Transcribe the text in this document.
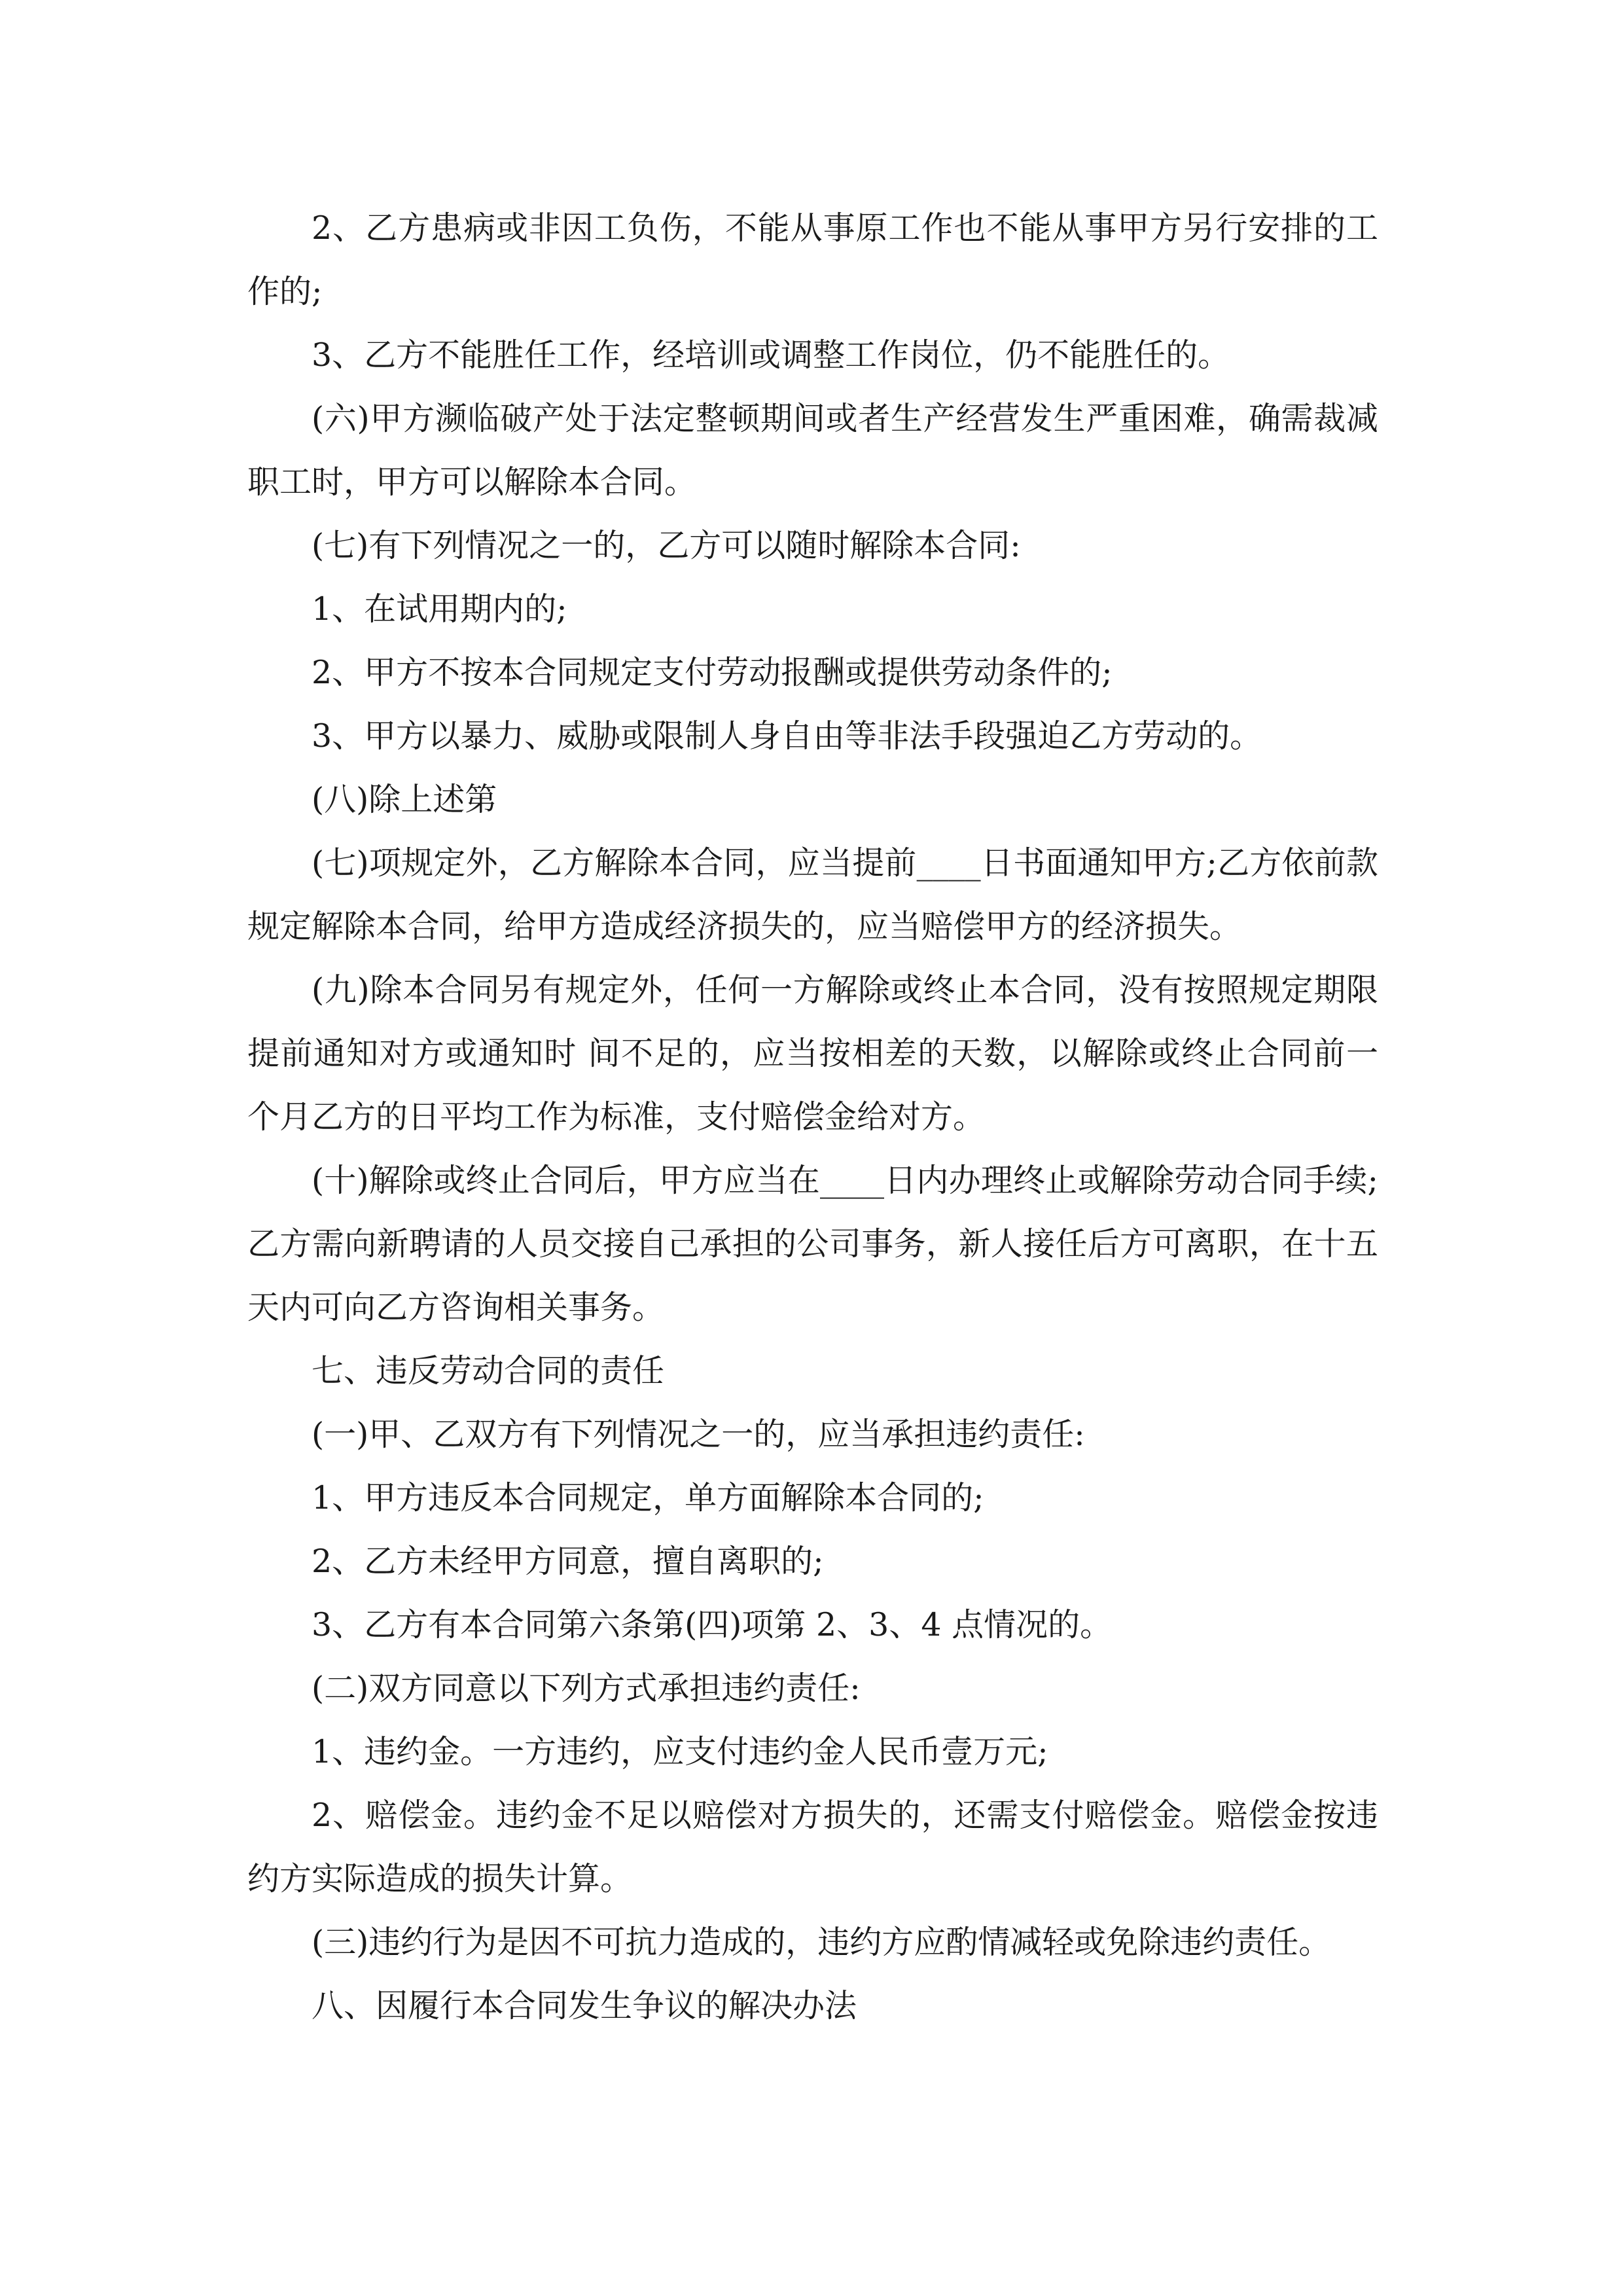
2、乙方患病或非因工负伤，不能从事原工作也不能从事甲方另行安排的工作的;

3、乙方不能胜任工作，经培训或调整工作岗位，仍不能胜任的。

(六)甲方濒临破产处于法定整顿期间或者生产经营发生严重困难，确需裁减职工时，甲方可以解除本合同。

(七)有下列情况之一的，乙方可以随时解除本合同:

1、在试用期内的;

2、甲方不按本合同规定支付劳动报酬或提供劳动条件的;

3、甲方以暴力、威胁或限制人身自由等非法手段强迫乙方劳动的。

(八)除上述第

(七)项规定外，乙方解除本合同，应当提前____日书面通知甲方;乙方依前款规定解除本合同，给甲方造成经济损失的，应当赔偿甲方的经济损失。

(九)除本合同另有规定外，任何一方解除或终止本合同，没有按照规定期限提前通知对方或通知时 间不足的，应当按相差的天数，以解除或终止合同前一个月乙方的日平均工作为标准，支付赔偿金给对方。

(十)解除或终止合同后，甲方应当在____日内办理终止或解除劳动合同手续;乙方需向新聘请的人员交接自己承担的公司事务，新人接任后方可离职，在十五天内可向乙方咨询相关事务。

七、违反劳动合同的责任

(一)甲、乙双方有下列情况之一的，应当承担违约责任:

1、甲方违反本合同规定，单方面解除本合同的;

2、乙方未经甲方同意，擅自离职的;

3、乙方有本合同第六条第(四)项第 2、3、4 点情况的。

(二)双方同意以下列方式承担违约责任:

1、违约金。一方违约，应支付违约金人民币壹万元;

2、赔偿金。违约金不足以赔偿对方损失的，还需支付赔偿金。赔偿金按违约方实际造成的损失计算。

(三)违约行为是因不可抗力造成的，违约方应酌情减轻或免除违约责任。

八、因履行本合同发生争议的解决办法
